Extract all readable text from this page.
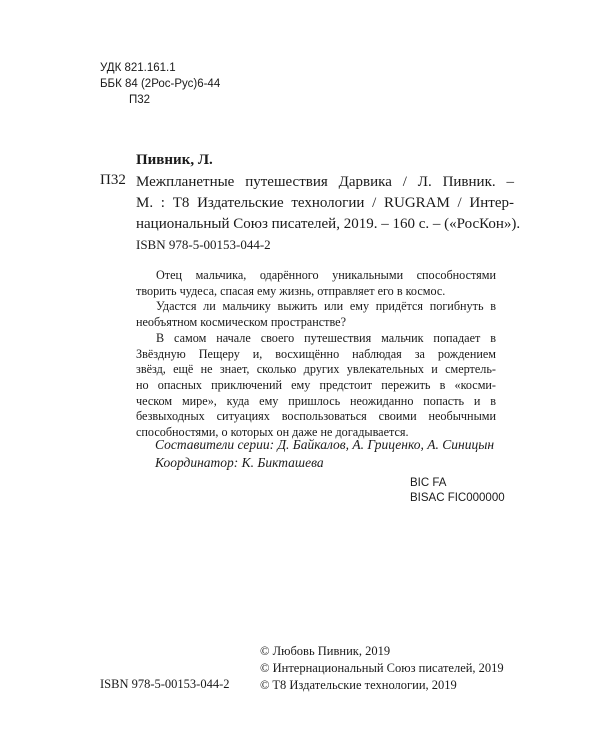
УДК 821.161.1
ББК 84 (2Рос-Рус)6-44
П32
Пивник, Л.
П32 Межпланетные путешествия Дарвика / Л. Пивник. –
М. : T8 Издательские технологии / RUGRAM / Интер-
национальный Союз писателей, 2019. – 160 с. – («РосКон»).
ISBN 978-5-00153-044-2
Отец мальчика, одарённого уникальными способностями
творить чудеса, спасая ему жизнь, отправляет его в космос.
Удастся ли мальчику выжить или ему придётся погибнуть в
необъятном космическом пространстве?
В самом начале своего путешествия мальчик попадает в
Звёздную Пещеру и, восхищённо наблюдая за рождением
звёзд, ещё не знает, сколько других увлекательных и смертель-
но опасных приключений ему предстоит пережить в «косми-
ческом мире», куда ему пришлось неожиданно попасть и в
безвыходных ситуациях воспользоваться своими необычными
способностями, о которых он даже не догадывается.
Составители серии: Д. Байкалов, А. Гриценко, А. Синицын
Координатор: К. Бикташева
BIC FA
BISAC FIC000000
© Любовь Пивник, 2019
© Интернациональный Союз писателей, 2019
© T8 Издательские технологии, 2019
ISBN 978-5-00153-044-2
